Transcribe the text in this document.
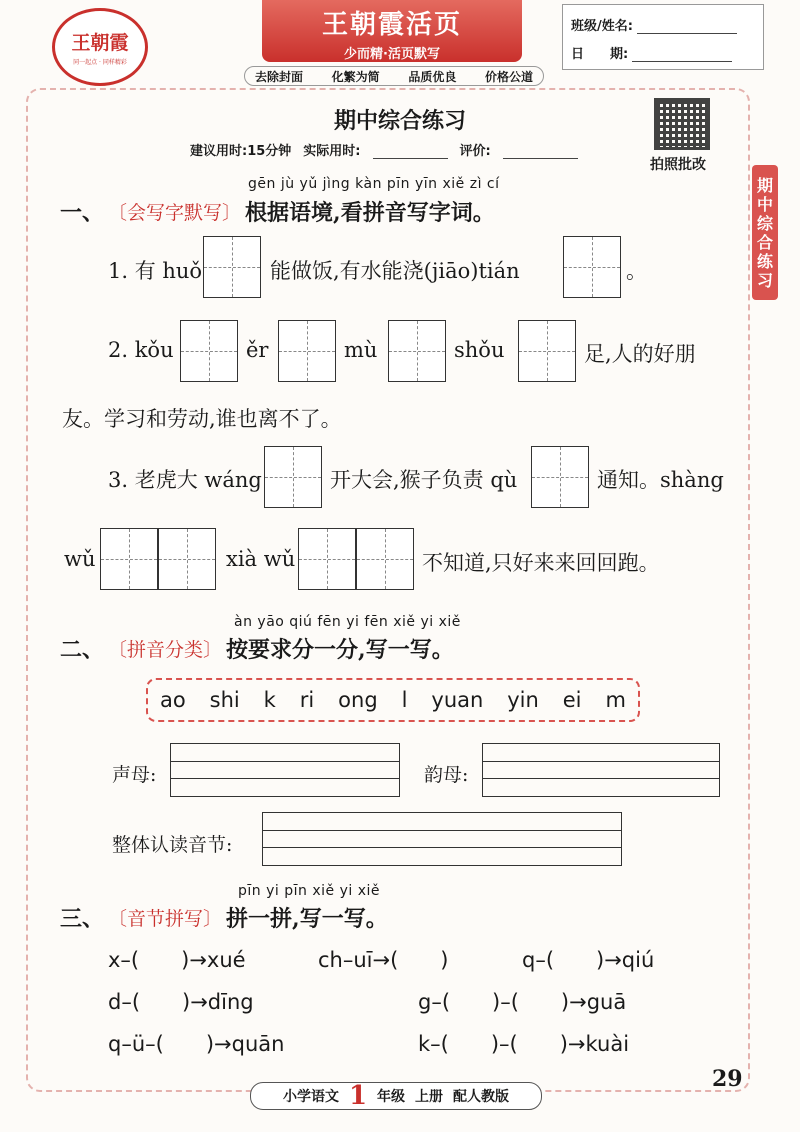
王朝霞
同一起点 · 同样精彩
王朝霞活页
少而精·活页默写
去除封面 化繁为简 品质优良 价格公道
班级/姓名:
日　　期:
期
中
综
合
练
习
期中综合练习
建议用时:15分钟 实际用时:	评价:
拍照批改
gēn jù yǔ jìng kàn pīn yīn xiě zì cí
一、 〔会写字默写〕 根据语境,看拼音写字词。
1. 有 huǒ	能做饭,有水能浇(jiāo)tián	。
2. kǒu	ěr	mù	shǒu	足,人的好朋
友。学习和劳动,谁也离不了。
3. 老虎大 wáng	开大会,猴子负责 qù	通知。shàng
wǔ	xià wǔ	不知道,只好来来回回跑。
àn yāo qiú fēn yi fēn xiě yi xiě
二、 〔拼音分类〕 按要求分一分,写一写。
ao shi k ri ong l yuan yin ei m
声母:	韵母:
整体认读音节:
pīn yi pīn xiě yi xiě
三、 〔音节拼写〕 拼一拼,写一写。
x–(　　)→xué	ch–uī→(　　)	q–(　　)→qiú
d–(　　)→dīng	g–(　　)–(　　)→guā
q–ü–(　　)→quān	k–(　　)–(　　)→kuài
29
小学语文 1 年级 上册 配人教版
